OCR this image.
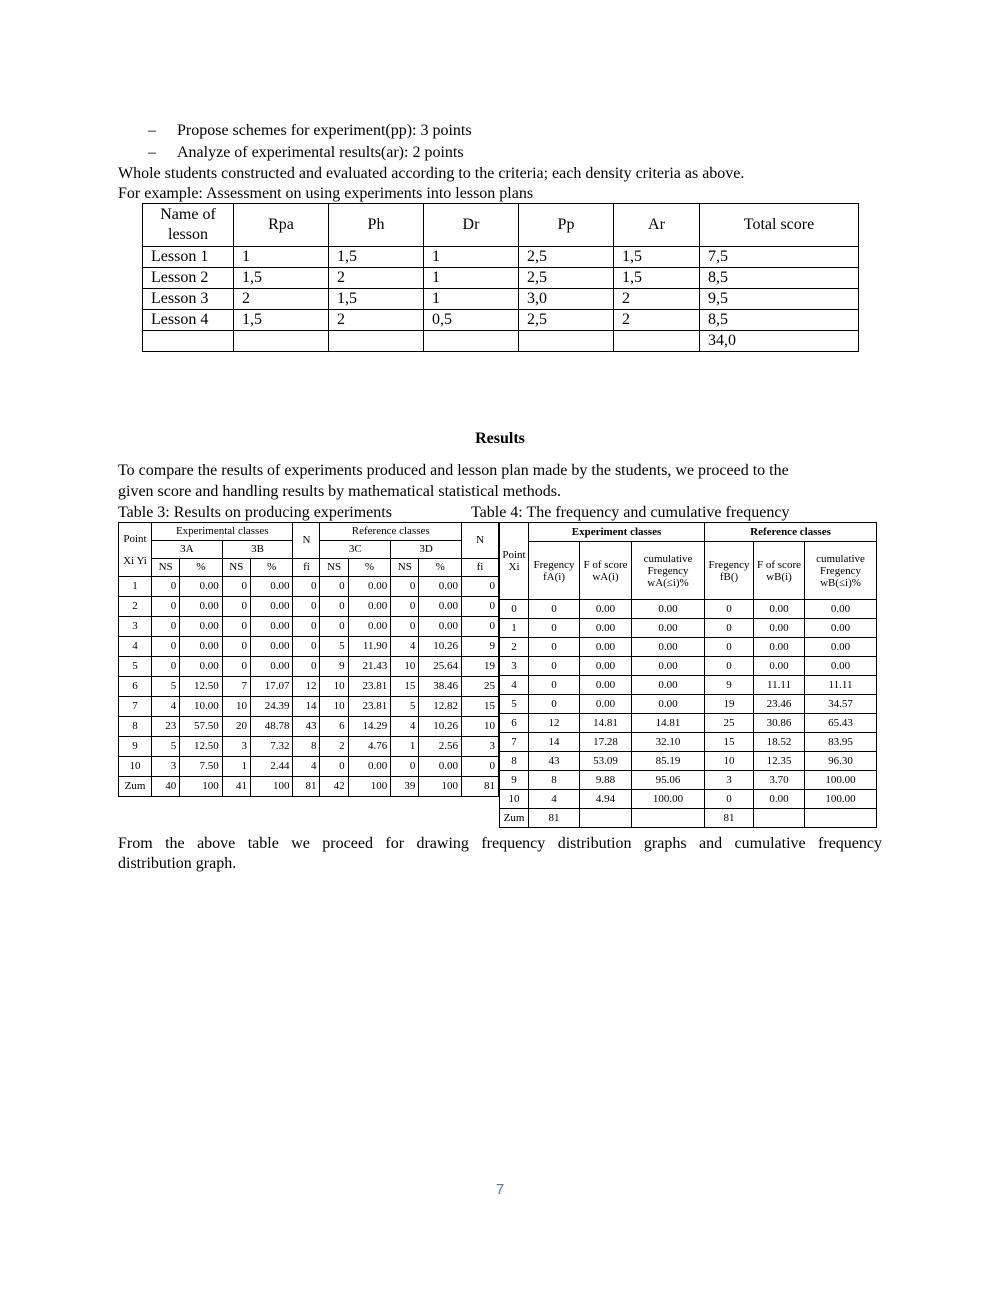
– Propose schemes for experiment(pp): 3 points
– Analyze of experimental results(ar): 2 points
Whole students constructed and evaluated according to the criteria; each density criteria as above.
For example: Assessment on using experiments into lesson plans
Name of lesson	Rpa	Ph	Dr	Pp	Ar	Total score
Lesson 1	1	1,5	1	2,5	1,5	7,5
Lesson 2	1,5	2	1	2,5	1,5	8,5
Lesson 3	2	1,5	1	3,0	2	9,5
Lesson 4	1,5	2	0,5	2,5	2	8,5
						34,0
Results
To compare the results of experiments produced and lesson plan made by the students, we proceed to the
given score and handling results by mathematical statistical methods.
Table 3: Results on producing experiments	Table 4: The frequency and cumulative frequency
Point Xi Yi	Experimental classes				N	Reference classes				N
	3A		3B			3C		3D		
	NS	%	NS	%	fi	NS	%	NS	%	fi
1	0	0.00	0	0.00	0	0	0.00	0	0.00	0
2	0	0.00	0	0.00	0	0	0.00	0	0.00	0
3	0	0.00	0	0.00	0	0	0.00	0	0.00	0
4	0	0.00	0	0.00	0	5	11.90	4	10.26	9
5	0	0.00	0	0.00	0	9	21.43	10	25.64	19
6	5	12.50	7	17.07	12	10	23.81	15	38.46	25
7	4	10.00	10	24.39	14	10	23.81	5	12.82	15
8	23	57.50	20	48.78	43	6	14.29	4	10.26	10
9	5	12.50	3	7.32	8	2	4.76	1	2.56	3
10	3	7.50	1	2.44	4	0	0.00	0	0.00	0
Zum	40	100	41	100	81	42	100	39	100	81
Point Xi	Experiment classes			Reference classes		
	Fregency fA(i)	F of score wA(i)	cumulative Fregency wA(≤i)%	Fregency fB()	F of score wB(i)	cumulative Fregency wB(≤i)%
0	0	0.00	0.00	0	0.00	0.00
1	0	0.00	0.00	0	0.00	0.00
2	0	0.00	0.00	0	0.00	0.00
3	0	0.00	0.00	0	0.00	0.00
4	0	0.00	0.00	9	11.11	11.11
5	0	0.00	0.00	19	23.46	34.57
6	12	14.81	14.81	25	30.86	65.43
7	14	17.28	32.10	15	18.52	83.95
8	43	53.09	85.19	10	12.35	96.30
9	8	9.88	95.06	3	3.70	100.00
10	4	4.94	100.00	0	0.00	100.00
Zum	81			81		
From the above table we proceed for drawing frequency distribution graphs and cumulative frequency
distribution graph.
7
